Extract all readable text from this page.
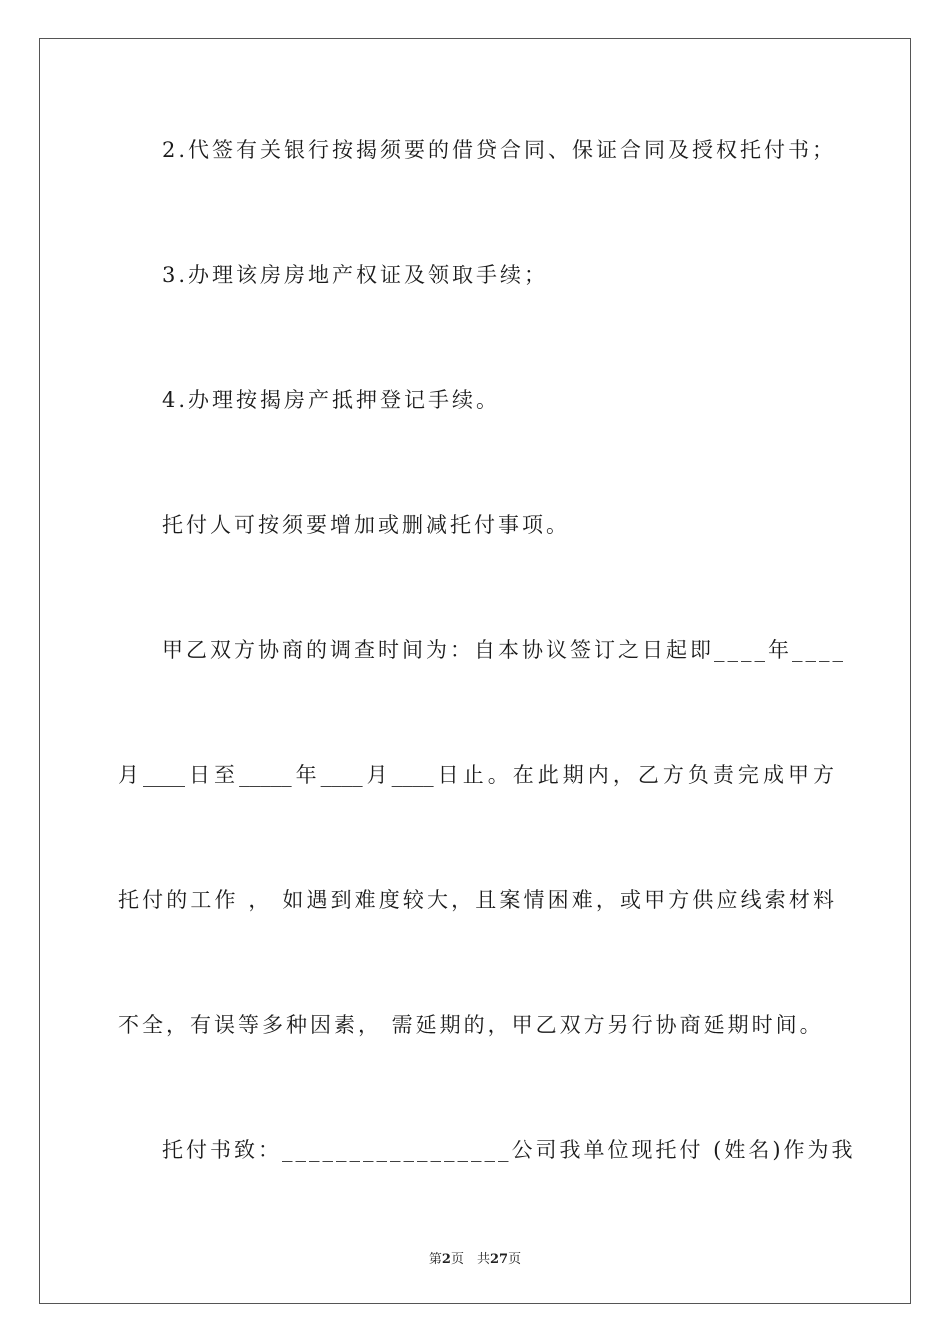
2.代签有关银行按揭须要的借贷合同、保证合同及授权托付书；
3.办理该房房地产权证及领取手续；
4.办理按揭房产抵押登记手续。
托付人可按须要增加或删减托付事项。
甲乙双方协商的调查时间为：自本协议签订之日起即____年____
月____日至_____年____月____日止。在此期内，乙方负责完成甲方
托付的工作 ， 如遇到难度较大，且案情困难，或甲方供应线索材料
不全，有误等多种因素， 需延期的，甲乙双方另行协商延期时间。
托付书致：_________________公司我单位现托付 (姓名)作为我
第2页　共27页
